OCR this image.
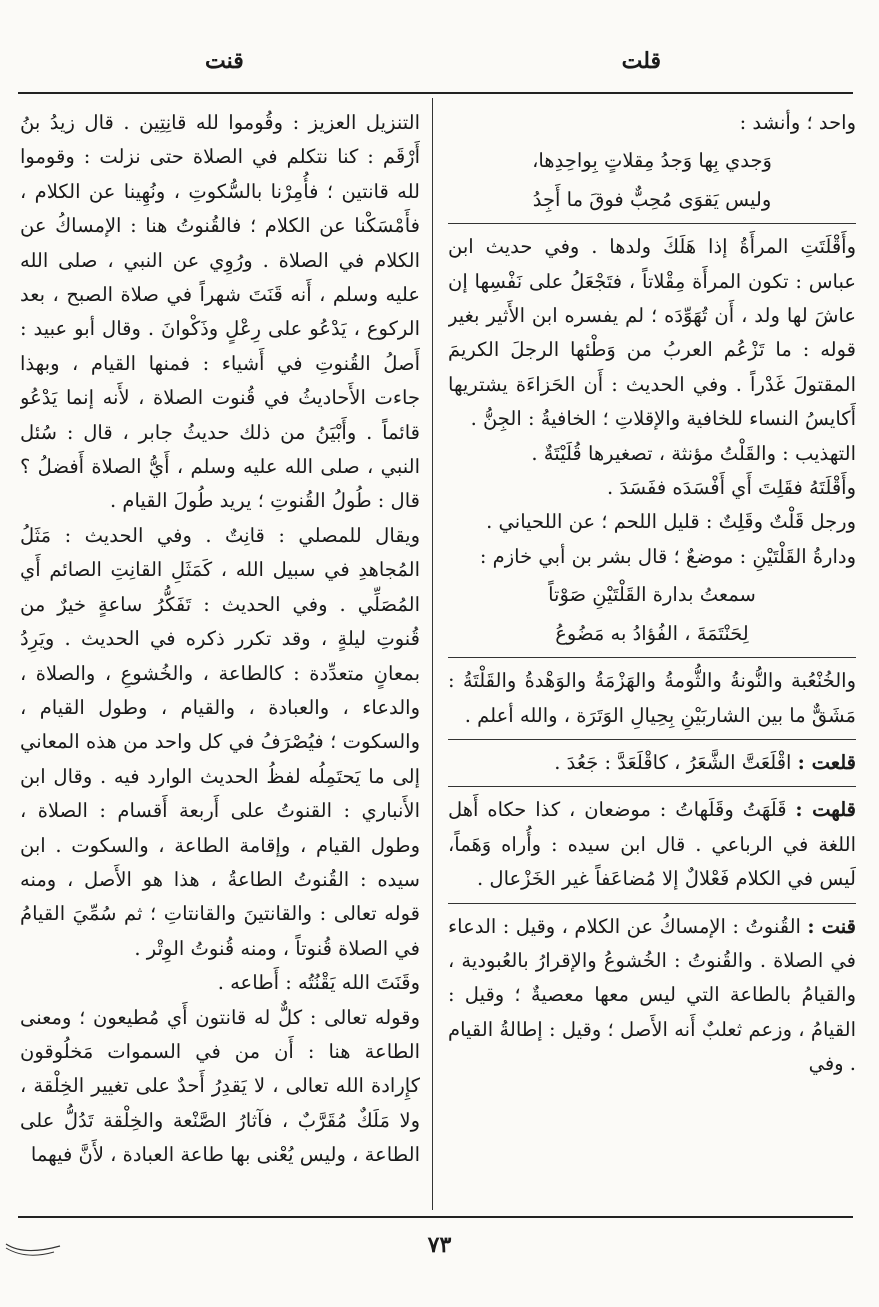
قلت
قنت

واحد ؛ وأنشد :

وَجدي بِها وَجدُ مِقلاتٍ بِواحِدِها،

وليس يَقوَى مُحِبٌّ فوقَ ما أَجِدُ

وأَقْلَتَتِ المرأَةُ إذا هَلَكَ ولدها . وفي حديث ابن عباس : تكون المرأَة مِقْلاتاً ، فتَجْعَلُ على نَفْسِها إن عاشَ لها ولد ، أَن تُهَوِّدَه ؛ لم يفسره ابن الأَثير بغير قوله : ما تَزْعُم العربُ من وَطْئها الرجلَ الكريمَ المقتولَ غَدْراً . وفي الحديث : أَن الحَزاءَة يشتريها أَكايسُ النساء للخافية والإقلاتِ ؛ الخافيةُ : الجِنُّ .

التهذيب : والقَلْتُ مؤنثة ، تصغيرها قُلَيْتَةٌ .

وأَقْلَتَهُ فقَلِتَ أَي أَفْسَدَه ففَسَدَ .

ورجل قَلْتٌ وقَلِتٌ : قليل اللحم ؛ عن اللحياني .

ودارةُ القَلْتَيْنِ : موضعٌ ؛ قال بشر بن أبي خازم :

سمعتُ بدارة القَلْتَيْنِ صَوْتاً

لِحَنْتَمَةَ ، الفُؤادُ به مَضُوعُ

والخُنْعُبة والنُّونةُ والثُّومةُ والهَزْمَةُ والوَهْدةُ والقَلْتَةُ : مَشَقٌّ ما بين الشاربَيْنِ بِحِيالِ الوَتَرَة ، والله أعلم .

قلعت : اقْلَعَتَّ الشَّعَرُ ، كاقْلَعَدَّ : جَعُدَ .

قلهت : قَلَهَتُ وقَلَهاتُ : موضعان ، كذا حكاه أَهل اللغة في الرباعي . قال ابن سيده : وأُراه وَهَماً، لَيس في الكلام فَعْلالٌ إلا مُضاعَفاً غير الخَزْعال .

قنت : القُنوتُ : الإمساكُ عن الكلام ، وقيل : الدعاء في الصلاة . والقُنوتُ : الخُشوعُ والإقرارُ بالعُبودية ، والقيامُ بالطاعة التي ليس معها معصيةٌ ؛ وقيل : القيامُ ، وزعم ثعلبٌ أَنه الأَصل ؛ وقيل : إطالةُ القيام . وفي

التنزيل العزيز : وقُوموا لله قانِتِين . قال زيدُ بنُ أَرْقَم : كنا نتكلم في الصلاة حتى نزلت : وقوموا لله قانتين ؛ فأُمِرْنا بالسُّكوتِ ، ونُهِينا عن الكلام ، فأَمْسَكْنا عن الكلام ؛ فالقُنوتُ هنا : الإمساكُ عن الكلام في الصلاة . ورُوِي عن النبي ، صلى الله عليه وسلم ، أَنه قَنَتَ شهراً في صلاة الصبح ، بعد الركوع ، يَدْعُو على رِعْلٍ وذَكْوانَ . وقال أبو عبيد : أَصلُ القُنوتِ في أَشياء : فمنها القيام ، وبهذا جاءت الأَحاديثُ في قُنوت الصلاة ، لأَنه إنما يَدْعُو قائماً . وأَبْيَنُ من ذلك حديثُ جابر ، قال : سُئل النبي ، صلى الله عليه وسلم ، أَيُّ الصلاة أَفضلُ ؟ قال : طُولُ القُنوتِ ؛ يريد طُولَ القيام .

ويقال للمصلي : قانِتٌ . وفي الحديث : مَثَلُ المُجاهدِ في سبيل الله ، كَمَثَلِ القانِتِ الصائم أَي المُصَلِّي . وفي الحديث : تَفَكُّرُ ساعةٍ خيرٌ من قُنوتِ ليلةٍ ، وقد تكرر ذكره في الحديث . ويَرِدُ بمعانٍ متعدِّدة : كالطاعة ، والخُشوعِ ، والصلاة ، والدعاء ، والعبادة ، والقيام ، وطول القيام ، والسكوت ؛ فيُصْرَفُ في كل واحد من هذه المعاني إلى ما يَحتَمِلُه لفظُ الحديث الوارد فيه . وقال ابن الأَنباري : القنوتُ على أَربعة أَقسام : الصلاة ، وطول القيام ، وإقامة الطاعة ، والسكوت . ابن سيده : القُنوتُ الطاعةُ ، هذا هو الأَصل ، ومنه قوله تعالى : والقانتينَ والقانتاتِ ؛ ثم سُمِّيَ القيامُ في الصلاة قُنوتاً ، ومنه قُنوتُ الوِتْر .

وقَنَتَ الله يَقْنُتُه : أَطاعه .

وقوله تعالى : كلٌّ له قانتون أَي مُطيعون ؛ ومعنى الطاعة هنا : أَن من في السموات مَخلُوقون كإِرادة الله تعالى ، لا يَقدِرُ أَحدٌ على تغيير الخِلْقة ، ولا مَلَكٌ مُقَرَّبٌ ، فآثارُ الصَّنْعة والخِلْقة تَدُلُّ على الطاعة ، وليس يُعْنى بها طاعة العبادة ، لأَنَّ فيهما

٧٣
